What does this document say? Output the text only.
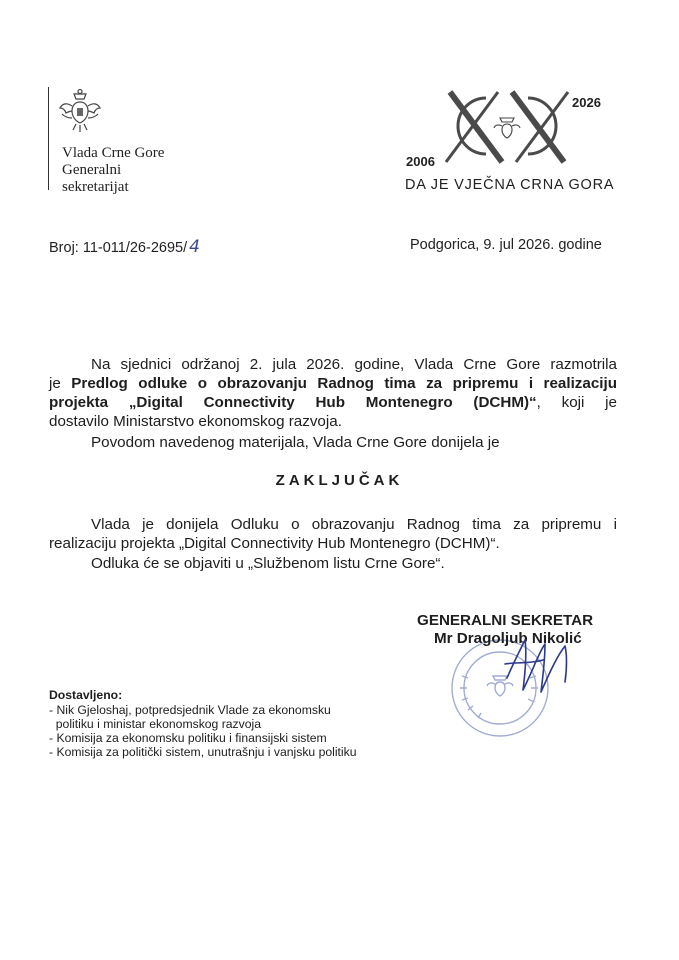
Vlada Crne Gore
Generalni
sekretarijat
2026
2006
DA JE VJEČNA CRNA GORA
Broj: 11-011/26-2695/ 4	Podgorica, 9. jul 2026. godine
Na sjednici održanoj 2. jula 2026. godine, Vlada Crne Gore razmotrila
je Predlog odluke o obrazovanju Radnog tima za pripremu i realizaciju
projekta „Digital Connectivity Hub Montenegro (DCHM)“, koji je
dostavilo Ministarstvo ekonomskog razvoja.
Povodom navedenog materijala, Vlada Crne Gore donijela je
ZAKLJUČAK
Vlada je donijela Odluku o obrazovanju Radnog tima za pripremu i
realizaciju projekta „Digital Connectivity Hub Montenegro (DCHM)“.
Odluka će se objaviti u „Službenom listu Crne Gore“.
GENERALNI SEKRETAR
Mr Dragoljub Nikolić
Dostavljeno:
- Nik Gjeloshaj, potpredsjednik Vlade za ekonomsku
politiku i ministar ekonomskog razvoja
- Komisija za ekonomsku politiku i finansijski sistem
- Komisija za politički sistem, unutrašnju i vanjsku politiku
